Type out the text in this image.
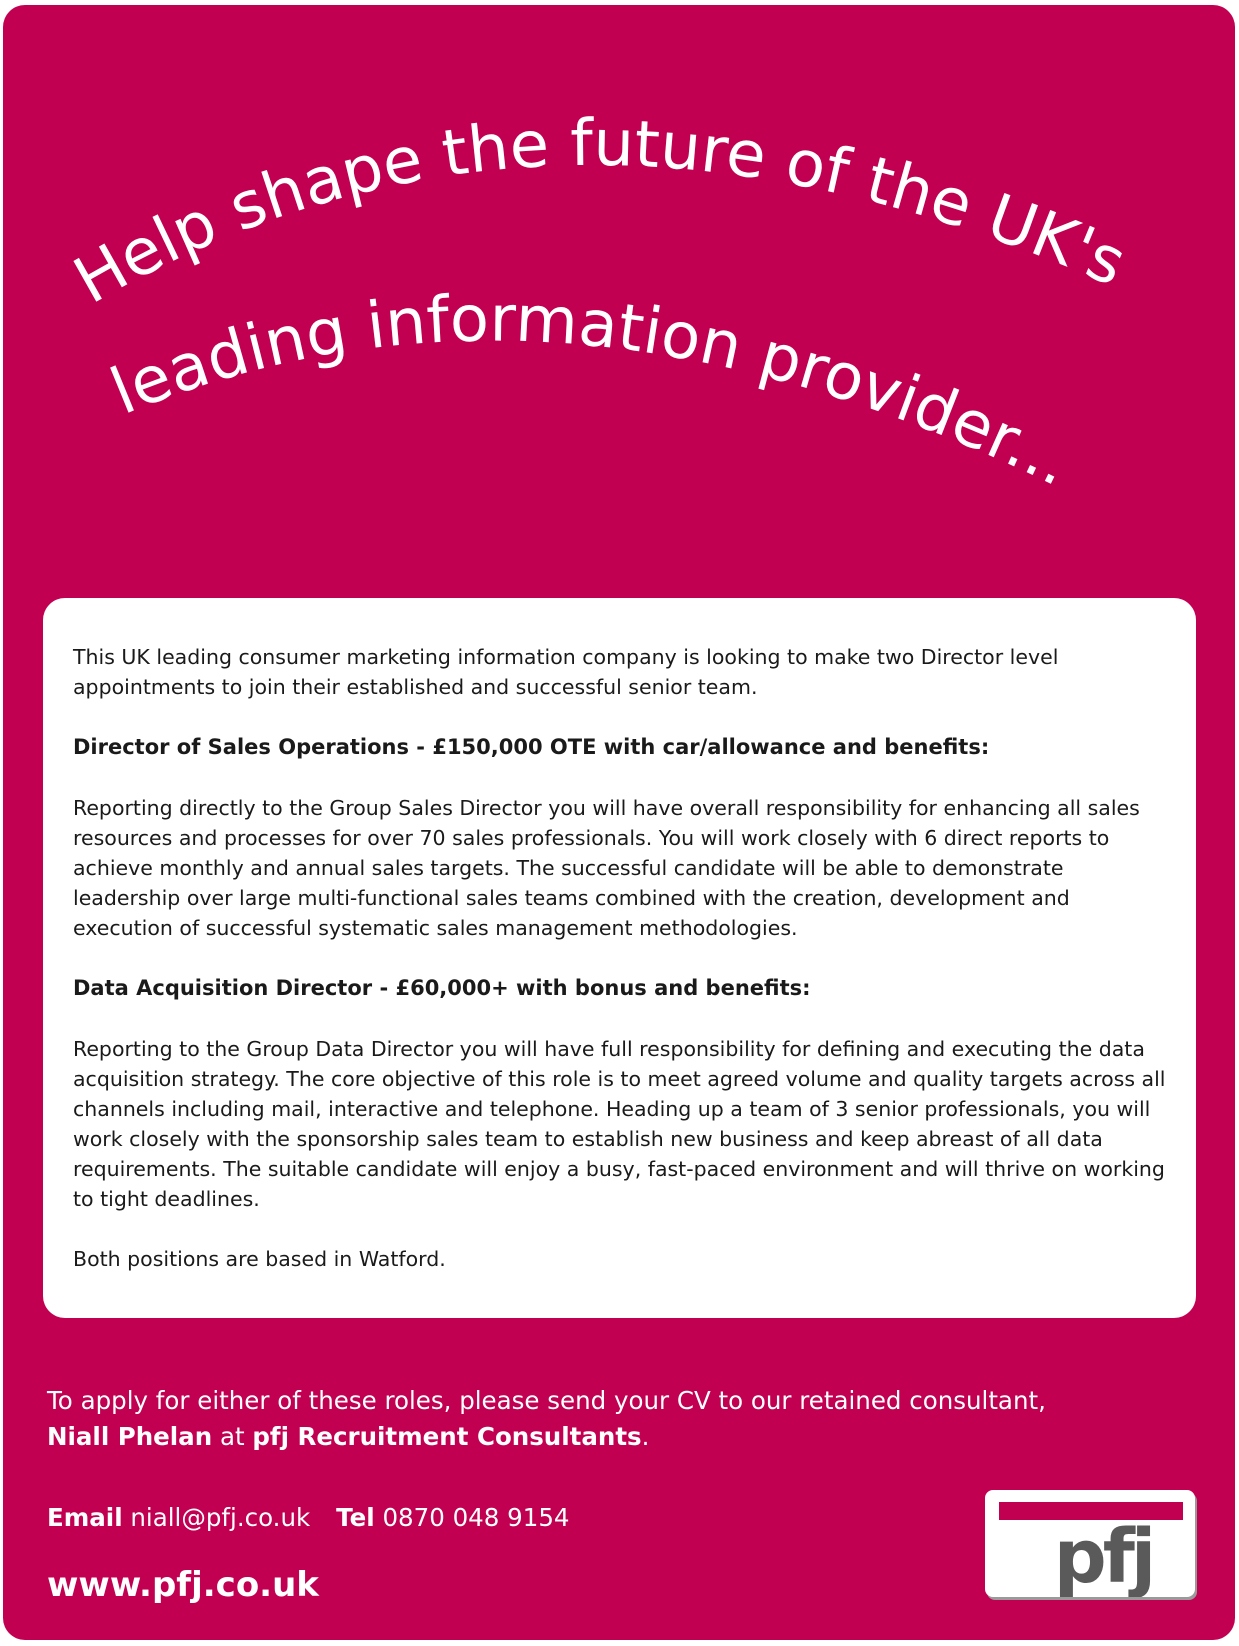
Help shape the future of the UK's
leading information provider...

This UK leading consumer marketing information company is looking to make two Director level appointments to join their established and successful senior team.

Director of Sales Operations - £150,000 OTE with car/allowance and benefits:

Reporting directly to the Group Sales Director you will have overall responsibility for enhancing all sales resources and processes for over 70 sales professionals. You will work closely with 6 direct reports to achieve monthly and annual sales targets. The successful candidate will be able to demonstrate leadership over large multi-functional sales teams combined with the creation, development and execution of successful systematic sales management methodologies.

Data Acquisition Director - £60,000+ with bonus and benefits:

Reporting to the Group Data Director you will have full responsibility for defining and executing the data acquisition strategy. The core objective of this role is to meet agreed volume and quality targets across all channels including mail, interactive and telephone. Heading up a team of 3 senior professionals, you will work closely with the sponsorship sales team to establish new business and keep abreast of all data requirements. The suitable candidate will enjoy a busy, fast-paced environment and will thrive on working to tight deadlines.

Both positions are based in Watford.

To apply for either of these roles, please send your CV to our retained consultant,
Niall Phelan at pfj Recruitment Consultants.
Email niall@pfj.co.uk Tel 0870 048 9154
www.pfj.co.uk	pfj
